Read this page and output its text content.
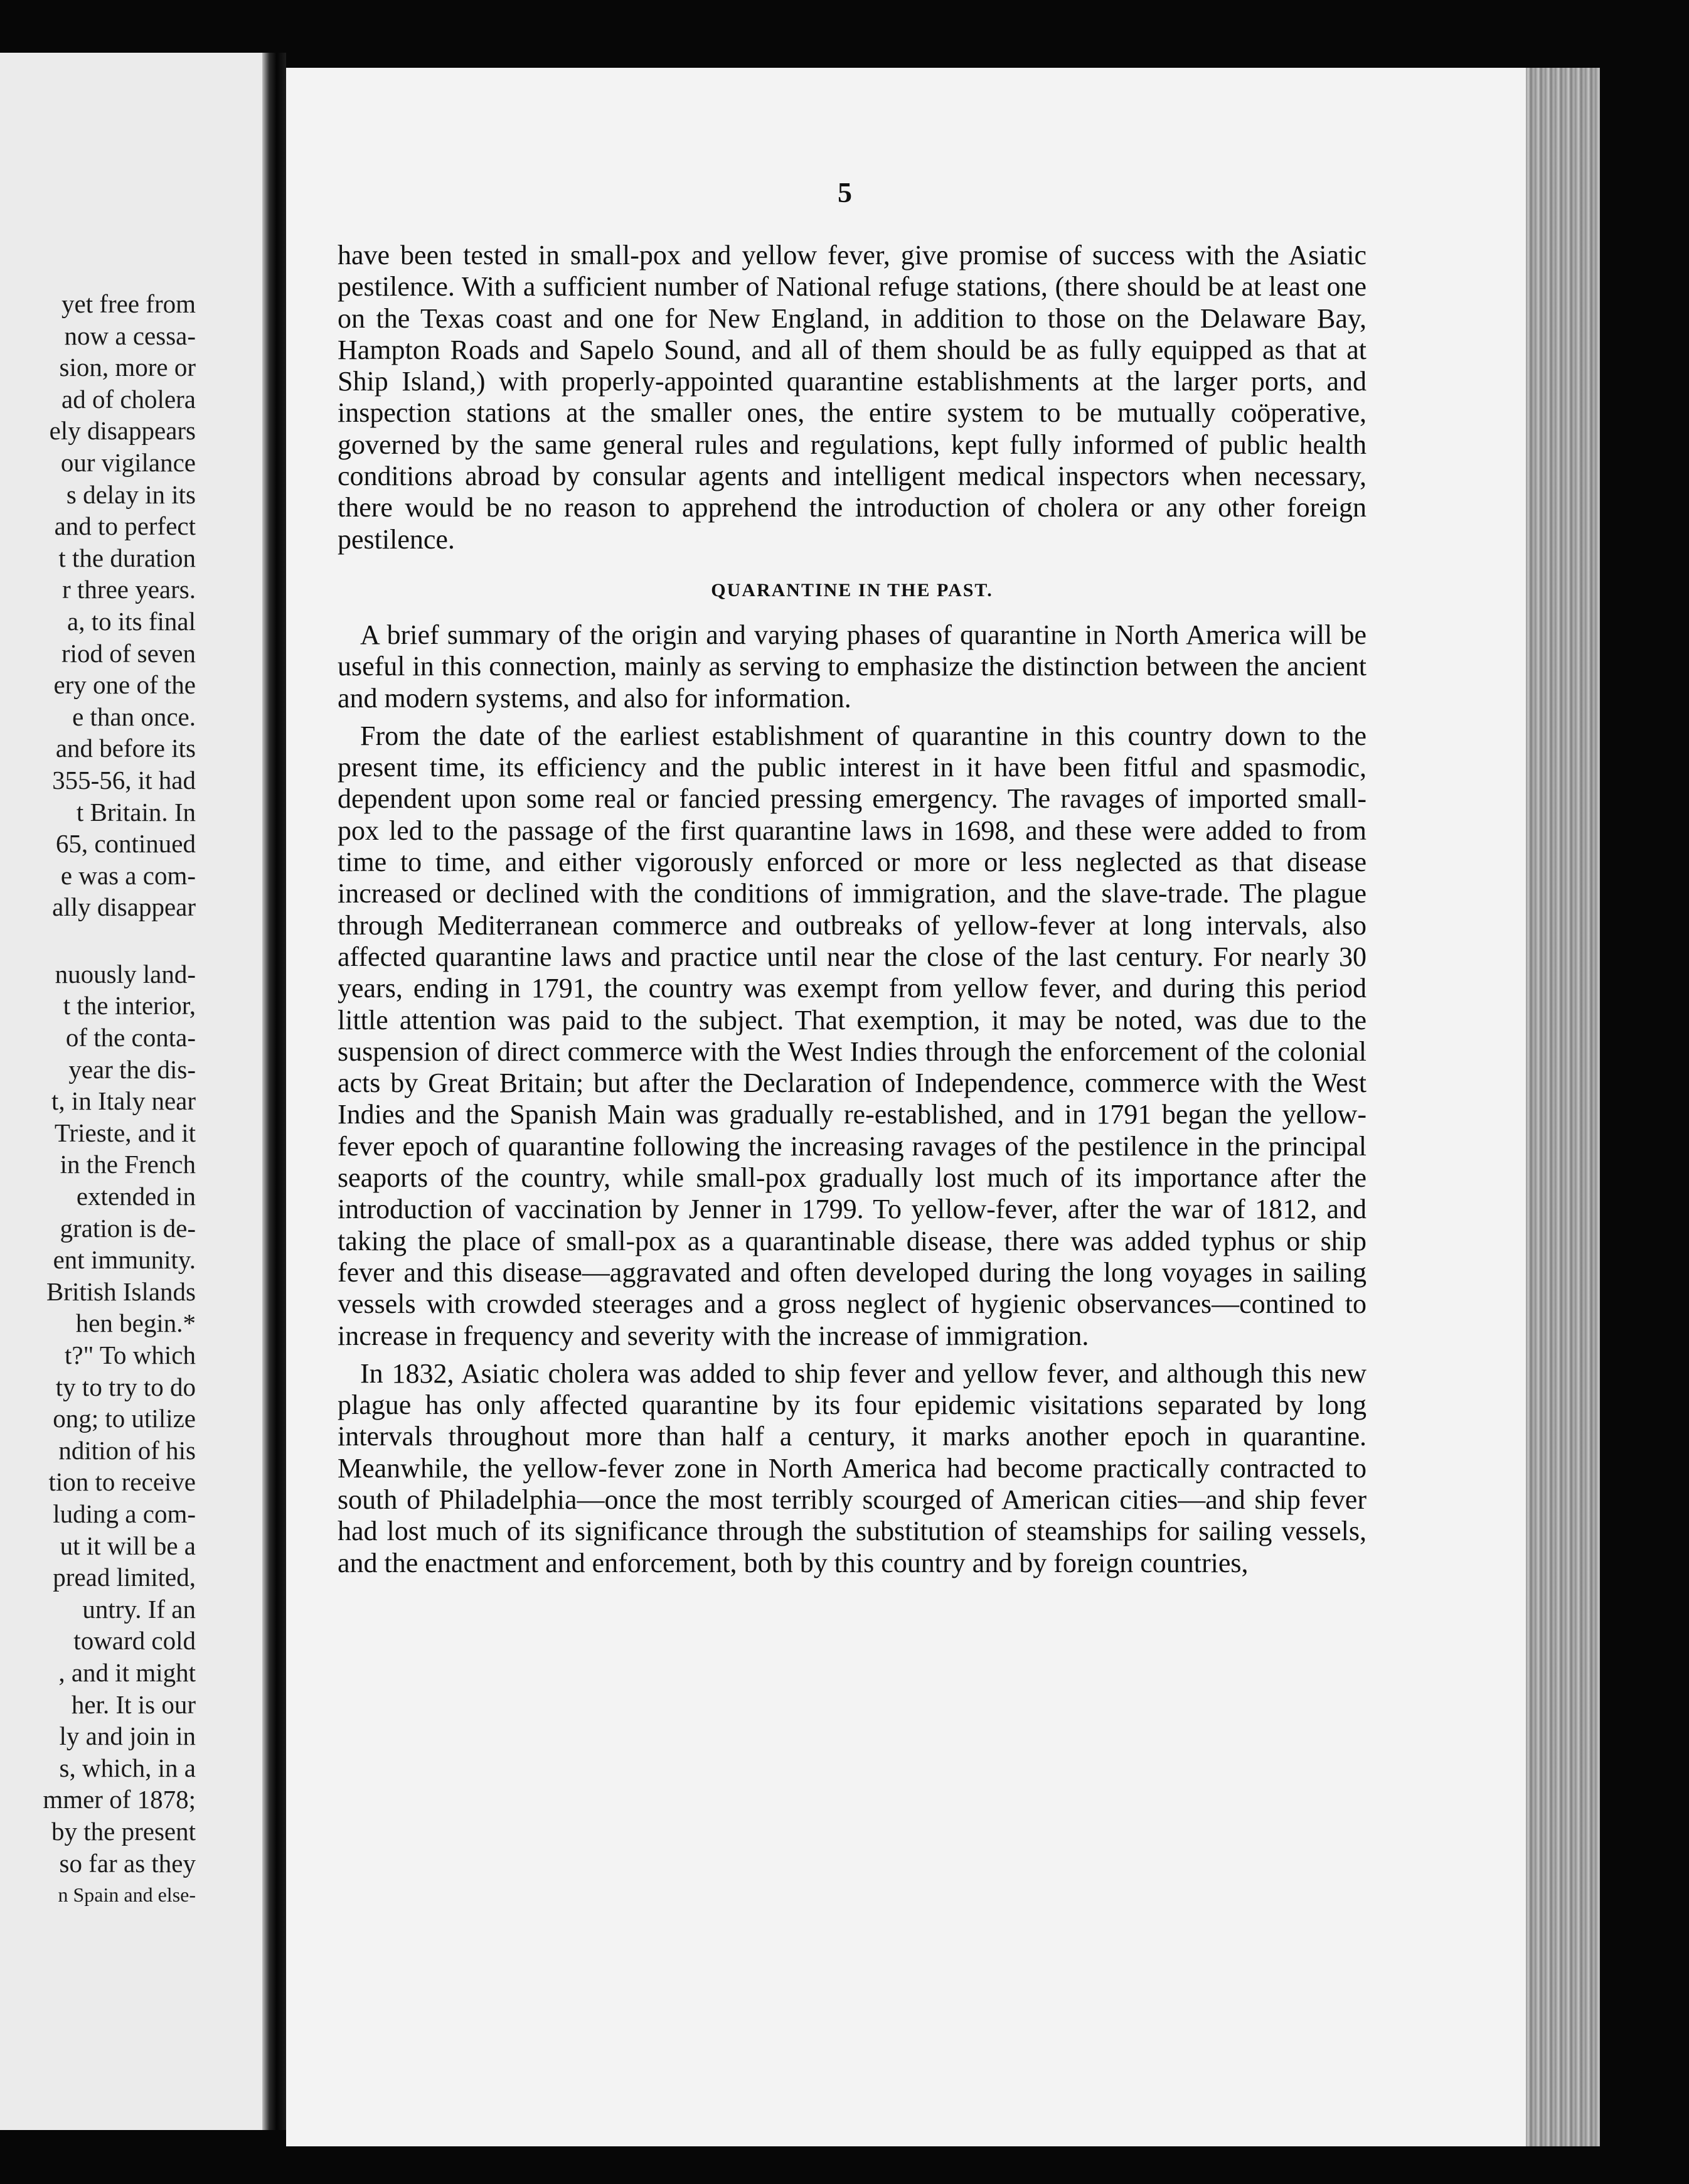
yet free from
now a cessa-
sion, more or
ad of cholera
ely disappears
our vigilance
s delay in its
and to perfect
t the duration
r three years.
a, to its final
riod of seven
ery one of the
e than once.
and before its
355-56, it had
t Britain. In
65, continued
e was a com-
ally disappear
nuously land-
t the interior,
of the conta-
year the dis-
t, in Italy near
Trieste, and it
in the French
extended in
gration is de-
ent immunity.
British Islands
hen begin.*
t?" To which
ty to try to do
ong; to utilize
ndition of his
tion to receive
luding a com-
ut it will be a
pread limited,
untry. If an
toward cold
, and it might
her. It is our
ly and join in
s, which, in a
mmer of 1878;
by the present
so far as they
n Spain and else-
5

have been tested in small-pox and yellow fever, give promise of success with the Asiatic pestilence. With a sufficient number of National refuge stations, (there should be at least one on the Texas coast and one for New England, in addition to those on the Delaware Bay, Hampton Roads and Sapelo Sound, and all of them should be as fully equipped as that at Ship Island,) with properly-appointed quarantine establishments at the larger ports, and inspection stations at the smaller ones, the entire system to be mutually coöperative, governed by the same general rules and regulations, kept fully informed of public health conditions abroad by consular agents and intelligent medical inspectors when necessary, there would be no reason to apprehend the introduction of cholera or any other foreign pestilence.

QUARANTINE IN THE PAST.

A brief summary of the origin and varying phases of quarantine in North America will be useful in this connection, mainly as serving to emphasize the distinction between the ancient and modern systems, and also for information.

From the date of the earliest establishment of quarantine in this country down to the present time, its efficiency and the public interest in it have been fitful and spasmodic, dependent upon some real or fancied pressing emergency. The ravages of imported small-pox led to the passage of the first quarantine laws in 1698, and these were added to from time to time, and either vigorously enforced or more or less neglected as that disease increased or declined with the conditions of immigration, and the slave-trade. The plague through Mediterranean commerce and outbreaks of yellow-fever at long intervals, also affected quarantine laws and practice until near the close of the last century. For nearly 30 years, ending in 1791, the country was exempt from yellow fever, and during this period little attention was paid to the subject. That exemption, it may be noted, was due to the suspension of direct commerce with the West Indies through the enforcement of the colonial acts by Great Britain; but after the Declaration of Independence, commerce with the West Indies and the Spanish Main was gradually re-established, and in 1791 began the yellow-fever epoch of quarantine following the increasing ravages of the pestilence in the principal seaports of the country, while small-pox gradually lost much of its importance after the introduction of vaccination by Jenner in 1799. To yellow-fever, after the war of 1812, and taking the place of small-pox as a quarantinable disease, there was added typhus or ship fever and this disease—aggravated and often developed during the long voyages in sailing vessels with crowded steerages and a gross neglect of hygienic observances—contined to increase in frequency and severity with the increase of immigration.

In 1832, Asiatic cholera was added to ship fever and yellow fever, and although this new plague has only affected quarantine by its four epidemic visitations separated by long intervals throughout more than half a century, it marks another epoch in quarantine. Meanwhile, the yellow-fever zone in North America had become practically contracted to south of Philadelphia—once the most terribly scourged of American cities—and ship fever had lost much of its significance through the substitution of steamships for sailing vessels, and the enactment and enforcement, both by this country and by foreign countries,
